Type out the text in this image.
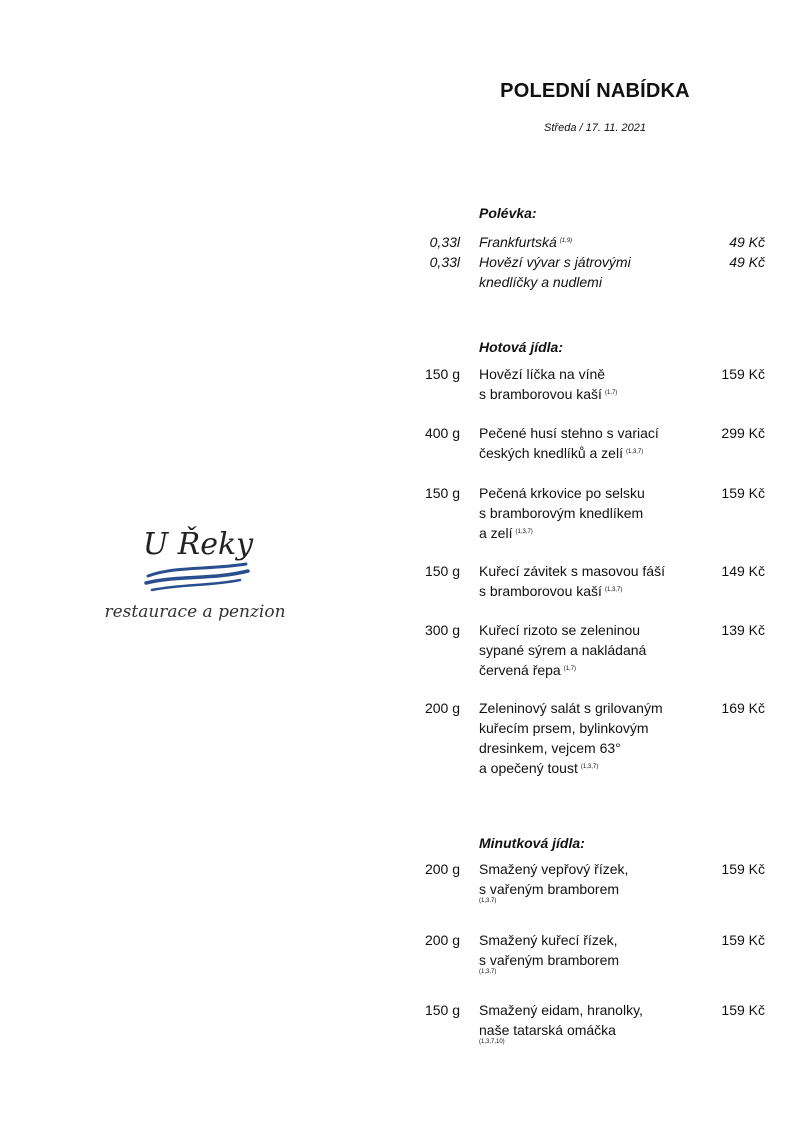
POLEDNÍ NABÍDKA
Středa / 17. 11. 2021
U Řeky
restaurace a penzion
Polévka:
0,33l Frankfurtská $^{(1,9)}$	49 Kč
0,33l Hovězí vývar s játrovými
knedlíčky a nudlemi
49 Kč
Hotová jídla:
150 g Hovězí líčka na víně
s bramborovou kaší $^{(1,7)}$
159 Kč
400 g Pečené husí stehno s variací
českých knedlíků a zelí $^{(1,3,7)}$
299 Kč
150 g Pečená krkovice po selsku
s bramborovým knedlíkem
a zelí $^{(1,3,7)}$
159 Kč
150 g Kuřecí závitek s masovou fáší
s bramborovou kaší $^{(1,3,7)}$
149 Kč
300 g Kuřecí rizoto se zeleninou
sypané sýrem a nakládaná
červená řepa $^{(1,7)}$
139 Kč
200 g Zeleninový salát s grilovaným
kuřecím prsem, bylinkovým
dresinkem, vejcem 63°
a opečený toust $^{(1,3,7)}$
169 Kč
Minutková jídla:
200 g Smažený vepřový řízek,
s vařeným bramborem
(1,3,7)
159 Kč
200 g Smažený kuřecí řízek,
s vařeným bramborem
(1,3,7)
159 Kč
150 g Smažený eidam, hranolky,
naše tatarská omáčka
(1,3,7,10)
159 Kč
